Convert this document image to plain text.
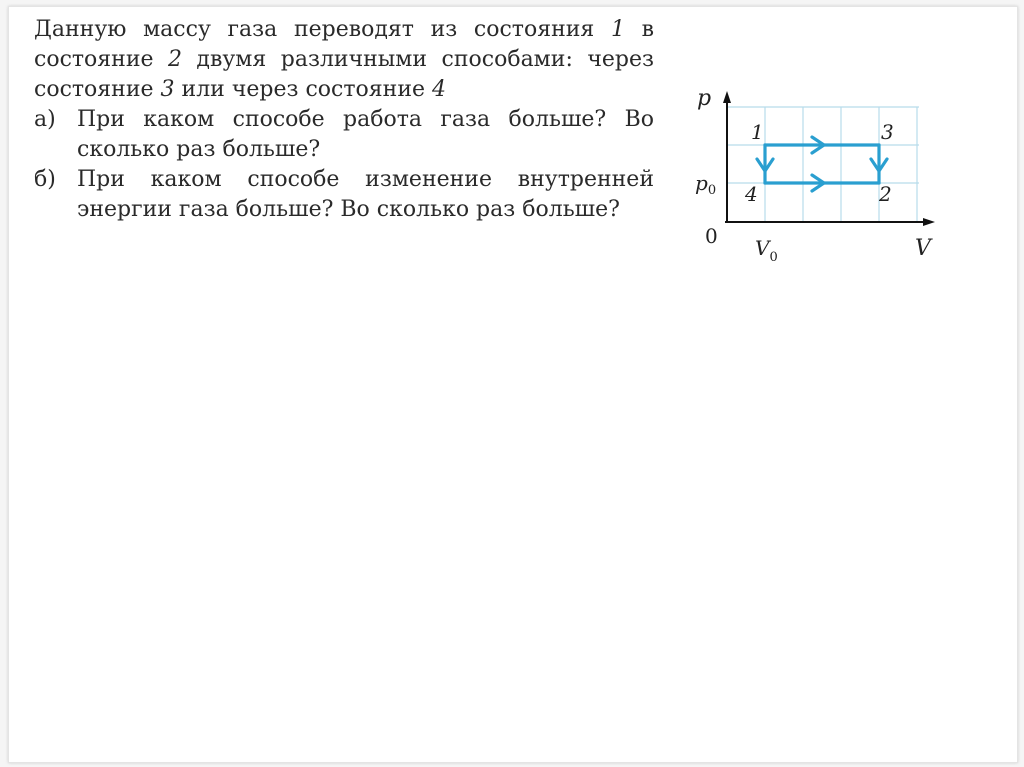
Данную массу газа переводят из состояния 1 в состояние 2 двумя различными способами: через состояние 3 или через состояние 4
а) При каком способе работа газа больше? Во сколько раз больше?
б) При каком способе изменение внутренней энергии газа больше? Во сколько раз больше?
p
V
0
$p_0$
$V_0$
1	3
4	2
